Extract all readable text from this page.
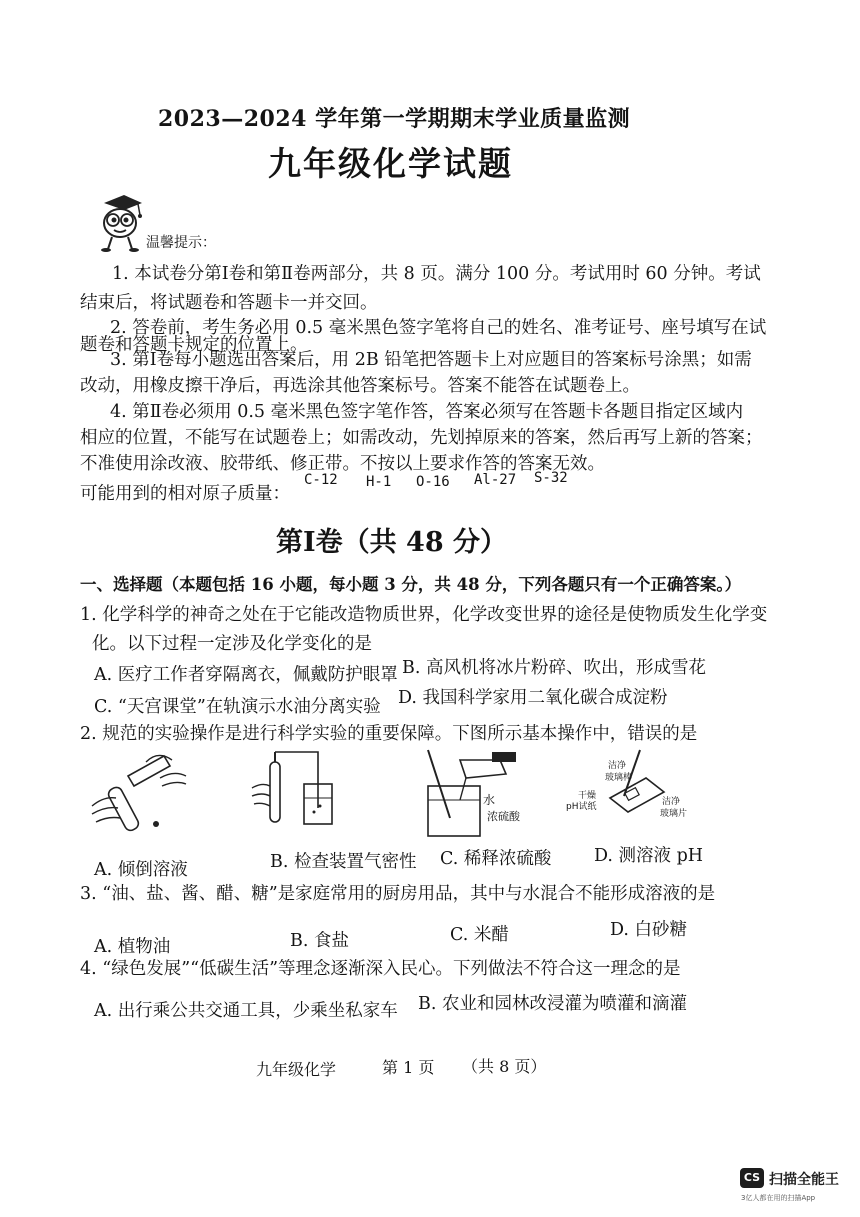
2023—2024 学年第一学期期末学业质量监测
九年级化学试题
温馨提示：
1. 本试卷分第Ⅰ卷和第Ⅱ卷两部分，共 8 页。满分 100 分。考试用时 60 分钟。考试
结束后，将试题卷和答题卡一并交回。
2. 答卷前，考生务必用 0.5 毫米黑色签字笔将自己的姓名、准考证号、座号填写在试
3. 第Ⅰ卷每小题选出答案后，用 2B 铅笔把答题卡上对应题目的答案标号涂黑；如需
改动，用橡皮擦干净后，再选涂其他答案标号。答案不能答在试题卷上。
4. 第Ⅱ卷必须用 0.5 毫米黑色签字笔作答，答案必须写在答题卡各题目指定区域内
相应的位置，不能写在试题卷上；如需改动，先划掉原来的答案，然后再写上新的答案；
不准使用涂改液、胶带纸、修正带。不按以上要求作答的答案无效。
可能用到的相对原子质量：
C-12 H-1 O-16 Al-27 S-32
第Ⅰ卷（共 48 分）
一、选择题（本题包括 16 小题，每小题 3 分，共 48 分，下列各题只有一个正确答案。）
1. 化学科学的神奇之处在于它能改造物质世界，化学改变世界的途径是使物质发生化学变
化。以下过程一定涉及化学变化的是
A. 医疗工作者穿隔离衣，佩戴防护眼罩 B. 高风机将冰片粉碎、吹出，形成雪花
C. “天宫课堂”在轨演示水油分离实验 D. 我国科学家用二氧化碳合成淀粉
2. 规范的实验操作是进行科学实验的重要保障。下图所示基本操作中，错误的是
水
浓硫酸
洁净
玻璃棒
干燥
pH试纸	洁净
玻璃片
A. 倾倒溶液	B. 检查装置气密性 C. 稀释浓硫酸 D. 测溶液 pH
3. “油、盐、酱、醋、糖”是家庭常用的厨房用品，其中与水混合不能形成溶液的是
A. 植物油	B. 食盐	C. 米醋	D. 白砂糖
4. “绿色发展”“低碳生活”等理念逐渐深入民心。下列做法不符合这一理念的是
A. 出行乘公共交通工具，少乘坐私家车 B. 农业和园林改浸灌为喷灌和滴灌
九年级化学	第 1 页 （共 8 页）
CS 扫描全能王
3亿人都在用的扫描App
题卷和答题卡规定的位置上。
